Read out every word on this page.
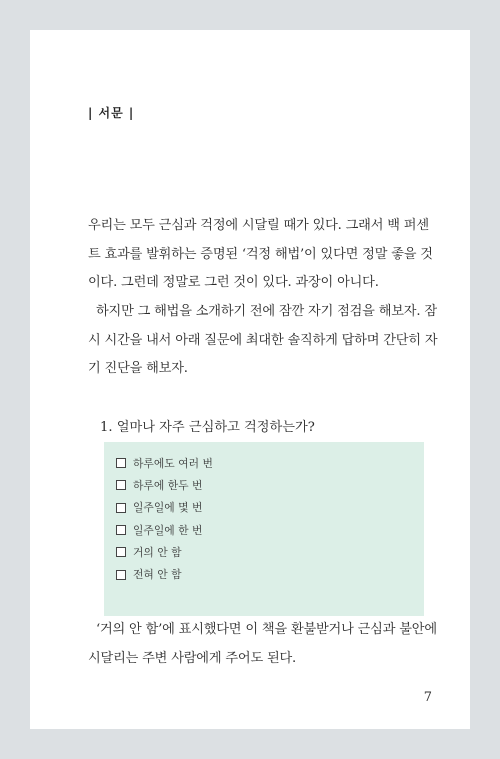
| 서문 |

우리는 모두 근심과 걱정에 시달릴 때가 있다. 그래서 백 퍼센트 효과를 발휘하는 증명된 ‘걱정 해법’이 있다면 정말 좋을 것이다. 그런데 정말로 그런 것이 있다. 과장이 아니다.

하지만 그 해법을 소개하기 전에 잠깐 자기 점검을 해보자. 잠시 시간을 내서 아래 질문에 최대한 솔직하게 답하며 간단히 자기 진단을 해보자.

1. 얼마나 자주 근심하고 걱정하는가?

하루에도 여러 번
하루에 한두 번
일주일에 몇 번
일주일에 한 번
거의 안 함
전혀 안 함

‘거의 안 함’에 표시했다면 이 책을 환불받거나 근심과 불안에 시달리는 주변 사람에게 주어도 된다.

7
